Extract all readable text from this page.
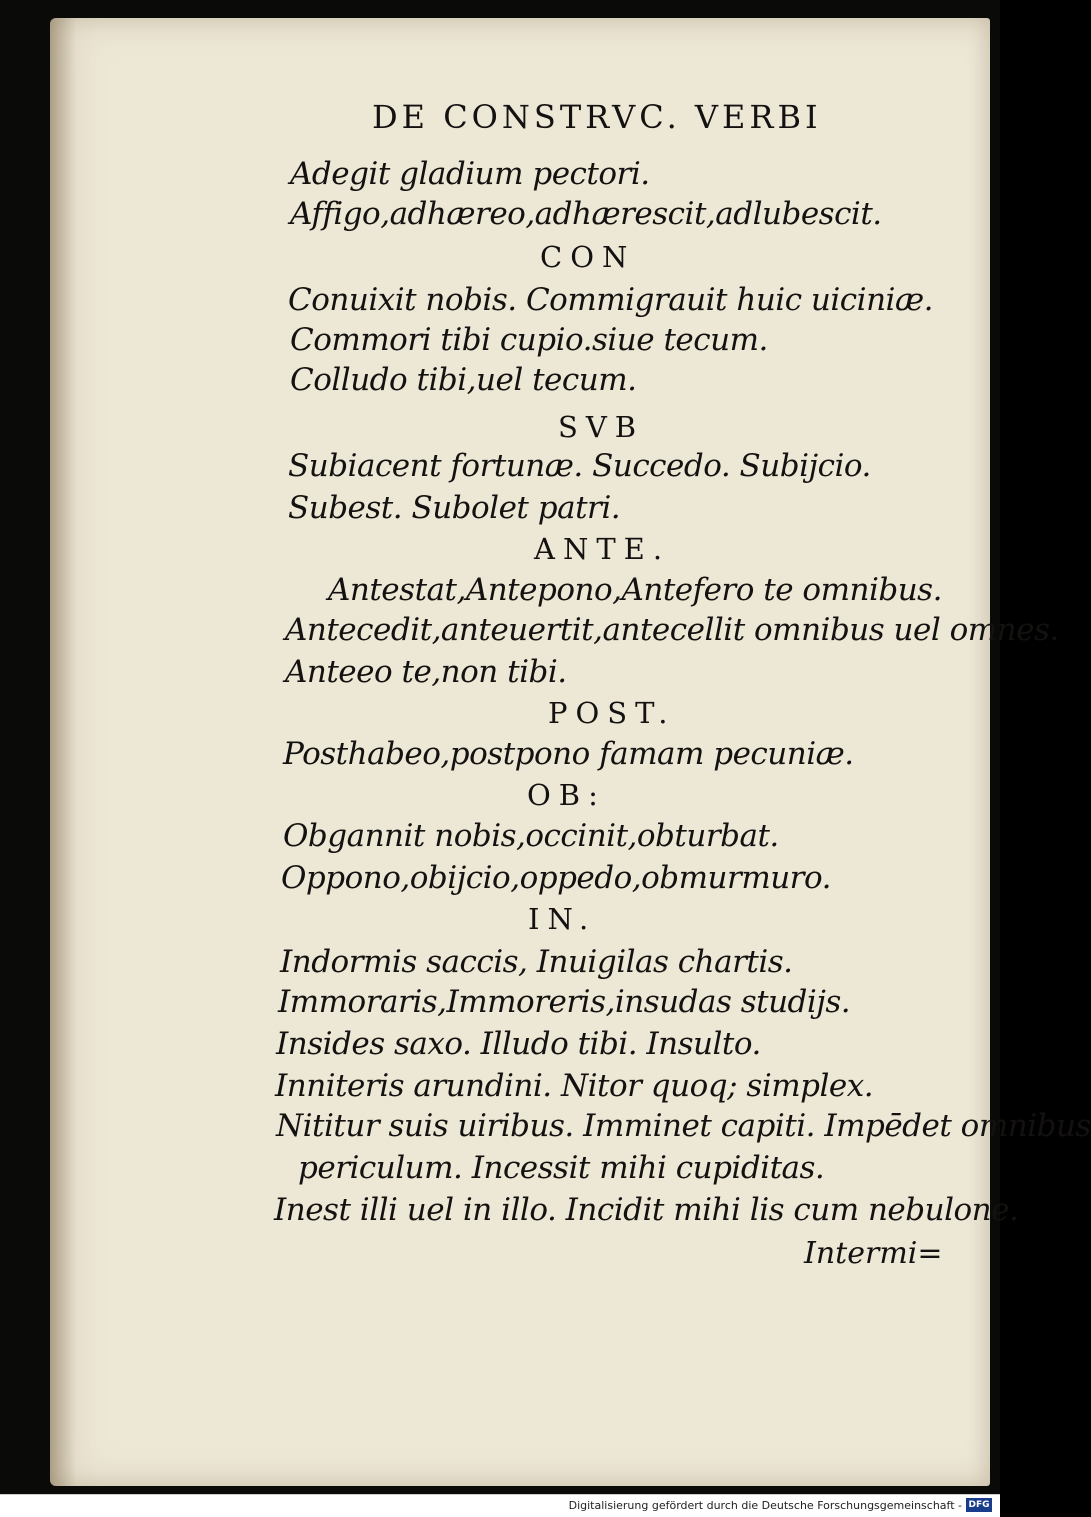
DE CONSTRVC. VERBI
Adegit gladium pectori.
Affigo,adhæreo,adhærescit,adlubescit.
CON
Conuixit nobis. Commigrauit huic uiciniæ.
Commori tibi cupio.siue tecum.
Colludo tibi,uel tecum.
SVB
Subiacent fortunæ. Succedo. Subijcio.
Subest. Subolet patri.
ANTE.
Antestat,Antepono,Antefero te omnibus.
Antecedit,anteuertit,antecellit omnibus uel omnes.
Anteeo te,non tibi.
POST.
Posthabeo,postpono famam pecuniæ.
OB:
Obgannit nobis,occinit,obturbat.
Oppono,obijcio,oppedo,obmurmuro.
IN.
Indormis saccis, Inuigilas chartis.
Immoraris,Immoreris,insudas studijs.
Insides saxo. Illudo tibi. Insulto.
Inniteris arundini. Nitor quoq; simplex.
Nititur suis uiribus. Imminet capiti. Impēdet omnibus
periculum. Incessit mihi cupiditas.
Inest illi uel in illo. Incidit mihi lis cum nebulone.
Intermi=
Digitalisierung gefördert durch die Deutsche Forschungsgemeinschaft - DFG
